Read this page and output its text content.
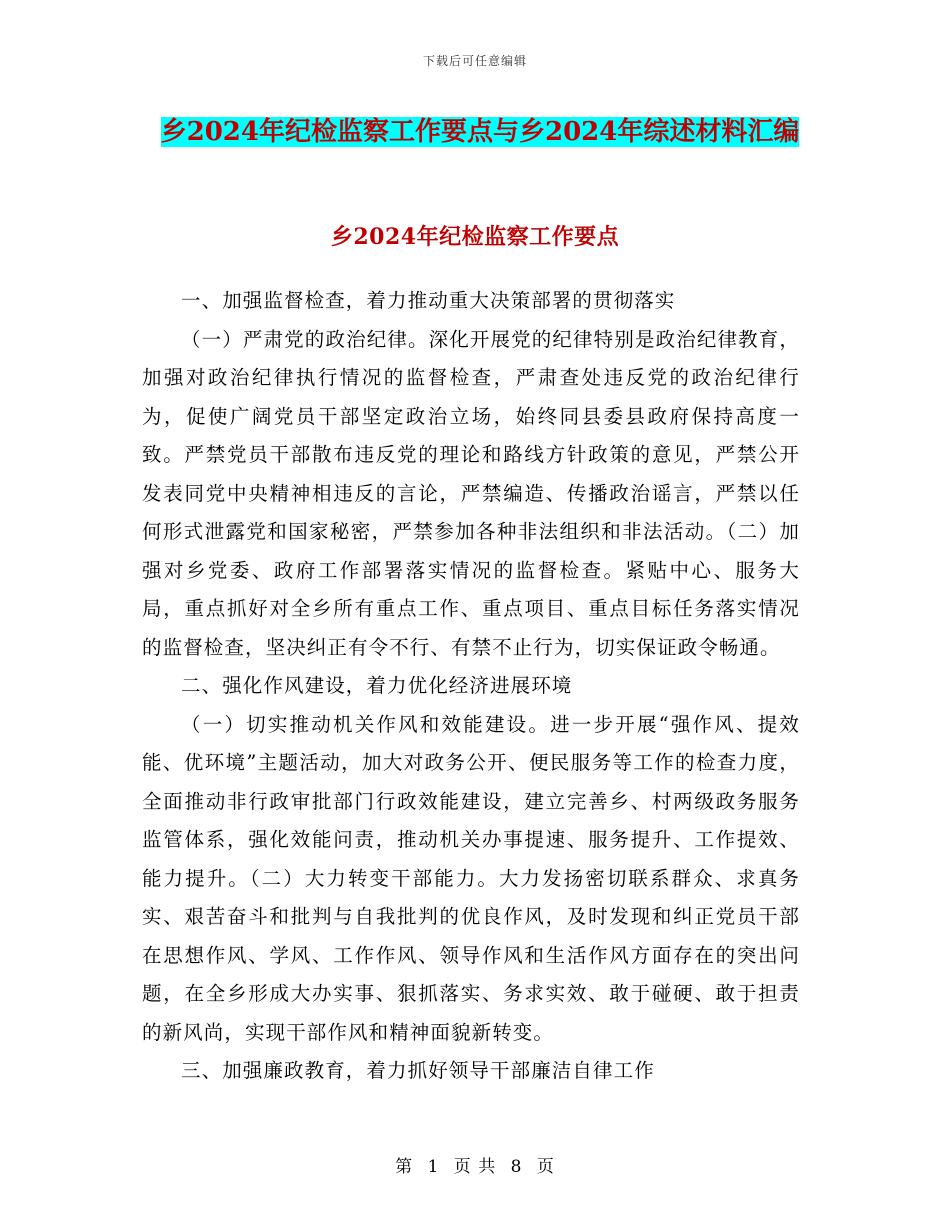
下载后可任意编辑
乡2024年纪检监察工作要点与乡2024年综述材料汇编
乡2024年纪检监察工作要点

一、加强监督检查，着力推动重大决策部署的贯彻落实

（一）严肃党的政治纪律。深化开展党的纪律特别是政治纪律教育，加强对政治纪律执行情况的监督检查，严肃查处违反党的政治纪律行为，促使广阔党员干部坚定政治立场，始终同县委县政府保持高度一致。严禁党员干部散布违反党的理论和路线方针政策的意见，严禁公开发表同党中央精神相违反的言论，严禁编造、传播政治谣言，严禁以任何形式泄露党和国家秘密，严禁参加各种非法组织和非法活动。（二）加强对乡党委、政府工作部署落实情况的监督检查。紧贴中心、服务大局，重点抓好对全乡所有重点工作、重点项目、重点目标任务落实情况的监督检查，坚决纠正有令不行、有禁不止行为，切实保证政令畅通。

二、强化作风建设，着力优化经济进展环境

（一）切实推动机关作风和效能建设。进一步开展“强作风、提效能、优环境”主题活动，加大对政务公开、便民服务等工作的检查力度，全面推动非行政审批部门行政效能建设，建立完善乡、村两级政务服务监管体系，强化效能问责，推动机关办事提速、服务提升、工作提效、能力提升。（二）大力转变干部能力。大力发扬密切联系群众、求真务实、艰苦奋斗和批判与自我批判的优良作风，及时发现和纠正党员干部在思想作风、学风、工作作风、领导作风和生活作风方面存在的突出问题，在全乡形成大办实事、狠抓落实、务求实效、敢于碰硬、敢于担责的新风尚，实现干部作风和精神面貌新转变。

三、加强廉政教育，着力抓好领导干部廉洁自律工作

第 1 页 共 8 页
